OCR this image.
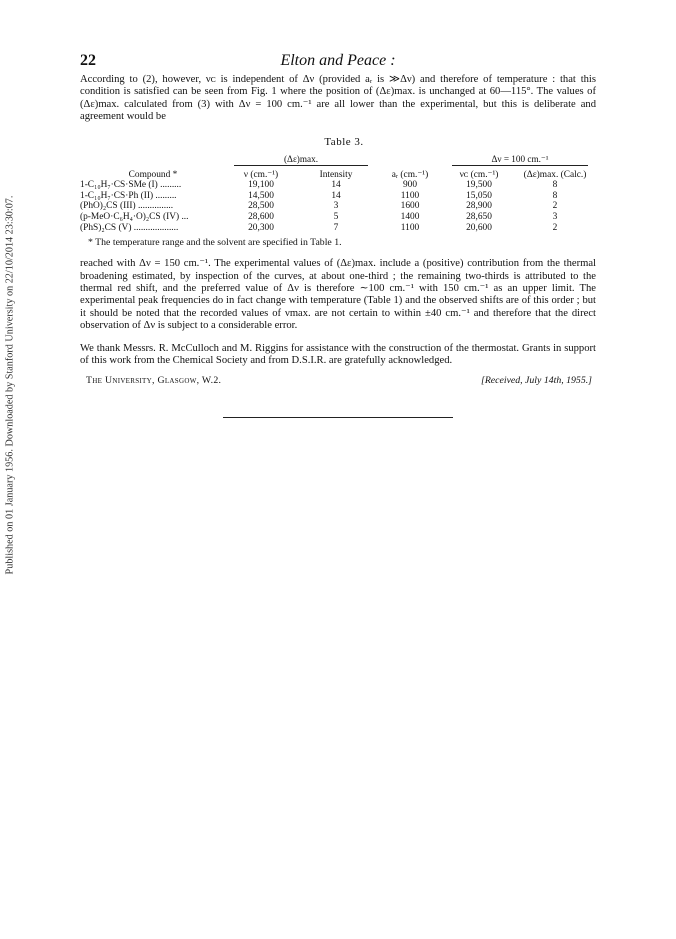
Published on 01 January 1956. Downloaded by Stanford University on 22/10/2014 23:30:07.
22	Elton and Peace :

According to (2), however, νᴄ is independent of Δν (provided aᵣ is ≫Δν) and therefore of temperature : that this condition is satisfied can be seen from Fig. 1 where the position of (Δε)max. is unchanged at 60—115°. The values of (Δε)max. calculated from (3) with Δν = 100 cm.⁻¹ are all lower than the experimental, but this is deliberate and agreement would be

Table 3.

	(Δε)max.			Δν = 100 cm.⁻¹	

Compound *	ν (cm.⁻¹)	Intensity	aᵣ (cm.⁻¹)	νᴄ (cm.⁻¹)	(Δε)max. (Calc.)
1-C₁₀H₇·CS·SMe (I) .........	19,100	14	900	19,500	8
1-C₁₀H₇·CS·Ph (II) .........	14,500	14	1100	15,050	8
(PhO)₂CS (III) ...............	28,500	3	1600	28,900	2
(p-MeO·C₆H₄·O)₂CS (IV) ...	28,600	5	1400	28,650	3
(PhS)₂CS (V) ...................	20,300	7	1100	20,600	2
* The temperature range and the solvent are specified in Table 1.

reached with Δν = 150 cm.⁻¹. The experimental values of (Δε)max. include a (positive) contribution from the thermal broadening estimated, by inspection of the curves, at about one-third ; the remaining two-thirds is attributed to the thermal red shift, and the preferred value of Δν is therefore ∼100 cm.⁻¹ with 150 cm.⁻¹ as an upper limit. The experimental peak frequencies do in fact change with temperature (Table 1) and the observed shifts are of this order ; but it should be noted that the recorded values of νmax. are not certain to within ±40 cm.⁻¹ and therefore that the direct observation of Δν is subject to a considerable error.

We thank Messrs. R. McCulloch and M. Riggins for assistance with the construction of the thermostat. Grants in support of this work from the Chemical Society and from D.S.I.R. are gratefully acknowledged.

The University, Glasgow, W.2.	[Received, July 14th, 1955.]
